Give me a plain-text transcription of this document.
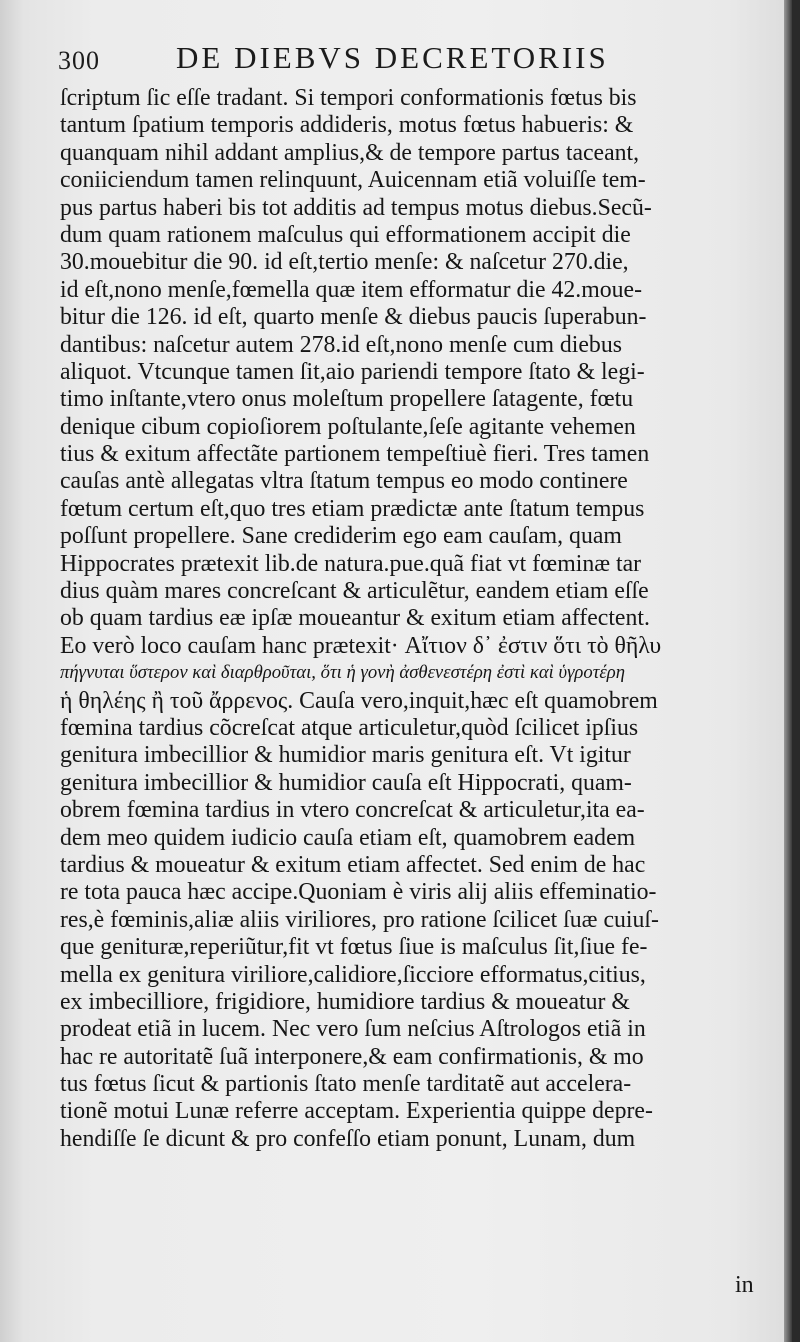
300 DE DIEBVS DECRETORIIS
ſcriptum ſic eſſe tradant. Si tempori conformationis fœtus bis
tantum ſpatium temporis addideris, motus fœtus habueris: &
quanquam nihil addant amplius,& de tempore partus taceant,
coniiciendum tamen relinquunt, Auicennam etiã voluiſſe tem-
pus partus haberi bis tot additis ad tempus motus diebus.Secũ-
dum quam rationem maſculus qui efformationem accipit die
30.mouebitur die 90. id eſt,tertio menſe: & naſcetur 270.die,
id eſt,nono menſe,fœmella quæ item efformatur die 42.moue-
bitur die 126. id eſt, quarto menſe & diebus paucis ſuperabun-
dantibus: naſcetur autem 278.id eſt,nono menſe cum diebus
aliquot. Vtcunque tamen ſit,aio pariendi tempore ſtato & legi-
timo inſtante,vtero onus moleſtum propellere ſatagente, fœtu
denique cibum copioſiorem poſtulante,ſeſe agitante vehemen
tius & exitum affectãte partionem tempeſtiuè fieri. Tres tamen
cauſas antè allegatas vltra ſtatum tempus eo modo continere
fœtum certum eſt,quo tres etiam prædictæ ante ſtatum tempus
poſſunt propellere. Sane crediderim ego eam cauſam, quam
Hippocrates prætexit lib.de natura.pue.quã fiat vt fœminæ tar
dius quàm mares concreſcant & articulẽtur, eandem etiam eſſe
ob quam tardius eæ ipſæ moueantur & exitum etiam affectent.
Eo verò loco cauſam hanc prætexit· Αἴτιον δ᾽ ἐστιν ὅτι τὸ θῆλυ
πήγνυται ὕστερον καὶ διαρθροῦται, ὅτι ἡ γονὴ ἀσθενεστέρη ἐστὶ καὶ ὑγροτέρη
ἡ θηλέης ἢ τοῦ ἄρρενος. Cauſa vero,inquit,hæc eſt quamobrem
fœmina tardius cõcreſcat atque articuletur,quòd ſcilicet ipſius
genitura imbecillior & humidior maris genitura eſt. Vt igitur
genitura imbecillior & humidior cauſa eſt Hippocrati, quam-
obrem fœmina tardius in vtero concreſcat & articuletur,ita ea-
dem meo quidem iudicio cauſa etiam eſt, quamobrem eadem
tardius & moueatur & exitum etiam affectet. Sed enim de hac
re tota pauca hæc accipe.Quoniam è viris alij aliis effeminatio-
res,è fœminis,aliæ aliis viriliores, pro ratione ſcilicet ſuæ cuiuſ-
que genituræ,reperiũtur,fit vt fœtus ſiue is maſculus ſit,ſiue fe-
mella ex genitura viriliore,calidiore,ſicciore efformatus,citius,
ex imbecilliore, frigidiore, humidiore tardius & moueatur &
prodeat etiã in lucem. Nec vero ſum neſcius Aſtrologos etiã in
hac re autoritatẽ ſuã interponere,& eam confirmationis, & mo
tus fœtus ſicut & partionis ſtato menſe tarditatẽ aut accelera-
tionẽ motui Lunæ referre acceptam. Experientia quippe depre-
hendiſſe ſe dicunt & pro confeſſo etiam ponunt, Lunam, dum
in
